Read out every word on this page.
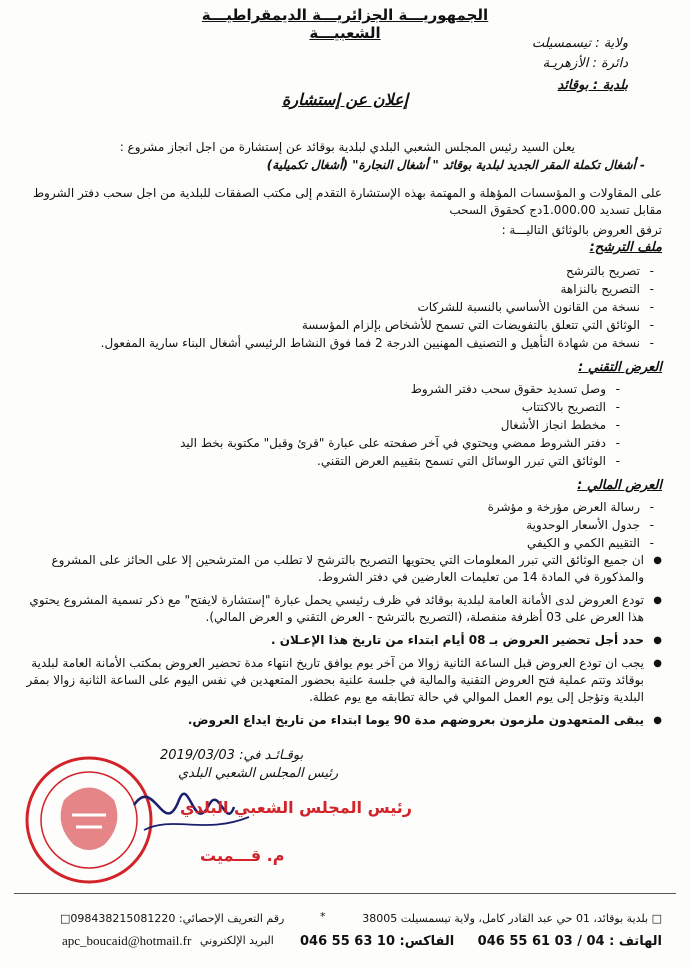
الجمهوريـــة الجزائريـــة الديمقراطيـــة الشعبيـــة
ولاية : تيسمسيلت
دائرة : الأزهريـة
بلدية : بوقائد
إعلان عن إستشارة
يعلن السيد رئيس المجلس الشعبي البلدي لبلدية بوقائد عن إستشارة من اجل انجاز مشروع :
- أشغال تكملة المقر الجديد لبلدية بوقائد " أشغال النجارة" (أشغال تكميلية)
على المقاولات و المؤسسات المؤهلة و المهتمة بهذه الإستشارة التقدم إلى مكتب الصفقات للبلدية من اجل سحب دفتر الشروط مقابل تسديد 1.000.00دج كحقوق السحب
ترفق العروض بالوثائق التاليـــة :
ملف الترشح:
- تصريح بالترشح
- التصريح بالنزاهة
- نسخة من القانون الأساسي بالنسبة للشركات
- الوثائق التي تتعلق بالتفويضات التي تسمح للأشخاص بإلزام المؤسسة
- نسخة من شهادة التأهيل و التصنيف المهنيين الدرجة 2 فما فوق النشاط الرئيسي أشغال البناء سارية المفعول.
العرض التقني :
- وصل تسديد حقوق سحب دفتر الشروط
- التصريح بالاكتتاب
- مخطط انجاز الأشغال
- دفتر الشروط ممضي ويحتوي في آخر صفحته على عبارة "قرئ وقبل" مكتوبة بخط اليد
- الوثائق التي تبرر الوسائل التي تسمح بتقييم العرض التقني.
العرض المالي :
- رسالة العرض مؤرخة و مؤشرة
- جدول الأسعار الوحدوية
- التقييم الكمي و الكيفي
● ان جميع الوثائق التي تبرر المعلومات التي يحتويها التصريح بالترشح لا تطلب من المترشحين إلا على الحائز على المشروع والمذكورة في المادة 14 من تعليمات العارضين في دفتر الشروط.
● تودع العروض لدى الأمانة العامة لبلدية بوقائد في ظرف رئيسي يحمل عبارة "إستشارة لايفتح" مع ذكر تسمية المشروع يحتوي هذا العرض على 03 أظرفة منفصلة، (التصريح بالترشح - العرض التقني و العرض المالي).
● حدد أجل تحضير العروض بـ 08 أيام ابتداء من تاريخ هذا الإعـلان .
● يجب ان تودع العروض قبل الساعة الثانية زوالا من آخر يوم يوافق تاريخ انتهاء مدة تحضير العروض بمكتب الأمانة العامة لبلدية بوقائد وتتم عملية فتح العروض التقنية والمالية في جلسة علنية بحضور المتعهدين في نفس اليوم على الساعة الثانية زوالا بمقر البلدية وتؤجل إلى يوم العمل الموالي في حالة تطابقه مع يوم عطلة.
● يبقى المتعهدون ملزمون بعروضهم مدة 90 يوما ابتداء من تاريخ ايداع العروض.
بوقـائـد في: 2019/03/03
رئيس المجلس الشعبي البلدي
رئيس المجلس الشعبي البلدي
م. قـــميت
□ بلدية بوقائد، 01 حي عبد القادر كامل، ولاية تيسمسيلت 38005
*
رقم التعريف الإحصائي: 098438215081220□
الهاتف : 04 / 03 61 55 046
الفاكس: 10 63 55 046
البريد الإلكتروني
apc_boucaid@hotmail.fr
